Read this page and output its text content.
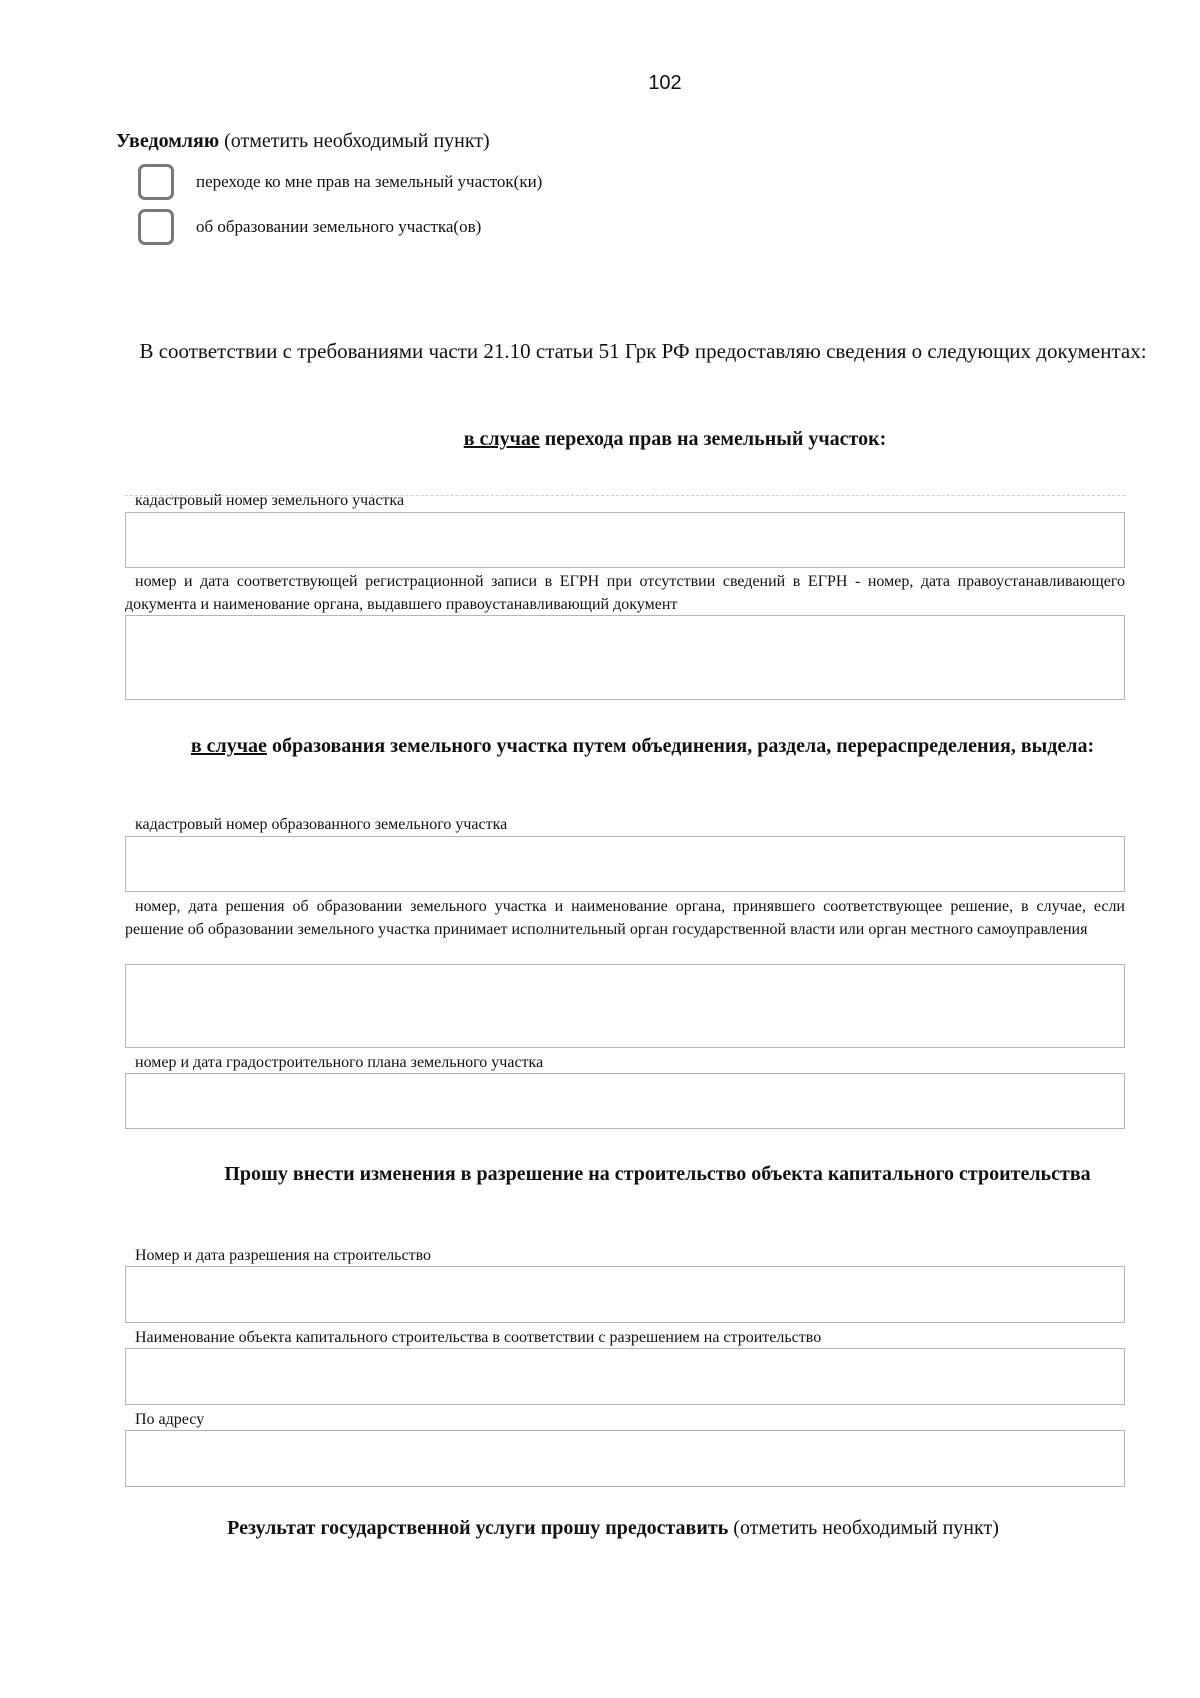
102
Уведомляю (отметить необходимый пункт)
переходе ко мне прав на земельный участок(ки)
об образовании земельного участка(ов)
В соответствии с требованиями части 21.10 статьи 51 Грк РФ предоставляю сведения о следующих документах:
в случае перехода прав на земельный участок:
кадастровый номер земельного участка
номер и дата соответствующей регистрационной записи в ЕГРН при отсутствии сведений в ЕГРН - номер, дата правоустанавливающего документа и наименование органа, выдавшего правоустанавливающий документ
в случае образования земельного участка путем объединения, раздела, перераспределения, выдела:
кадастровый номер образованного земельного участка
номер, дата решения об образовании земельного участка и наименование органа, принявшего соответствующее решение, в случае, если решение об образовании земельного участка принимает исполнительный орган государственной власти или орган местного самоуправления
номер и дата градостроительного плана земельного участка
Прошу внести изменения в разрешение на строительство объекта капитального строительства
Номер и дата разрешения на строительство
Наименование объекта капитального строительства в соответствии с разрешением на строительство
По адресу
Результат государственной услуги прошу предоставить (отметить необходимый пункт)
